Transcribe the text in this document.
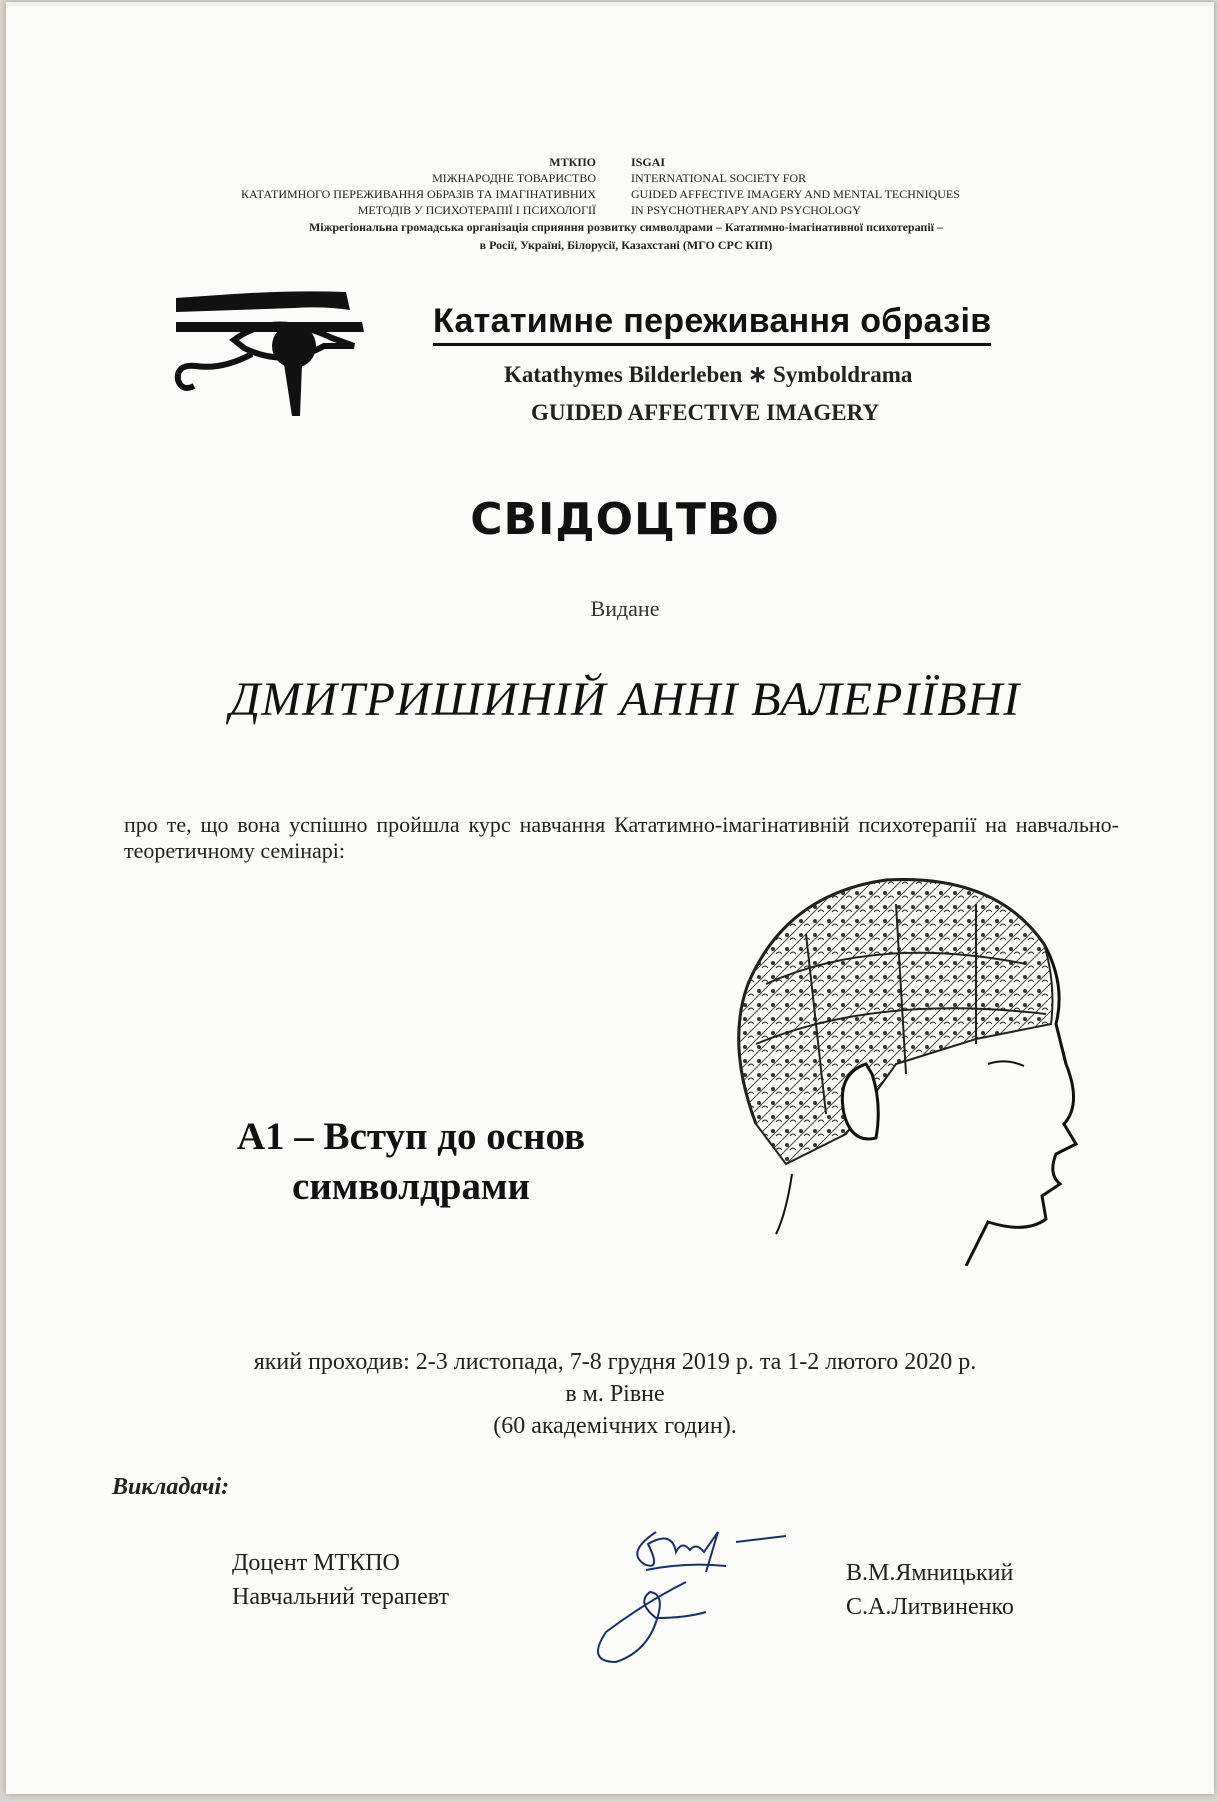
МТКПО
МІЖНАРОДНЕ ТОВАРИСТВО
КАТАТИМНОГО ПЕРЕЖИВАННЯ ОБРАЗІВ ТА ІМАГІНАТИВНИХ
МЕТОДІВ У ПСИХОТЕРАПІЇ І ПСИХОЛОГІЇ
ISGAI
INTERNATIONAL SOCIETY FOR
GUIDED AFFECTIVE IMAGERY AND MENTAL TECHNIQUES
IN PSYCHOTHERAPY AND PSYCHOLOGY
Міжрегіональна громадська організація сприяння розвитку символдрами – Кататимно-імагінативної психотерапії –
в Росії, Україні, Білорусії, Казахстані (МГО СРС КІП)
Кататимне переживання образів
Katathymes Bilderleben ∗ Symboldrama
GUIDED AFFECTIVE IMAGERY
СВІДОЦТВО
Видане
ДМИТРИШИНІЙ АННІ ВАЛЕРІЇВНІ
про те, що вона успішно пройшла курс навчання Кататимно-імагінативній психотерапії на навчально-теоретичному семінарі:
А1 – Вступ до основ
символдрами
який проходив: 2-3 листопада, 7-8 грудня 2019 р. та 1-2 лютого 2020 р.
в м. Рівне
(60 академічних годин).
Викладачі:
Доцент МТКПО
Навчальний терапевт
В.М.Ямницький
С.А.Литвиненко
